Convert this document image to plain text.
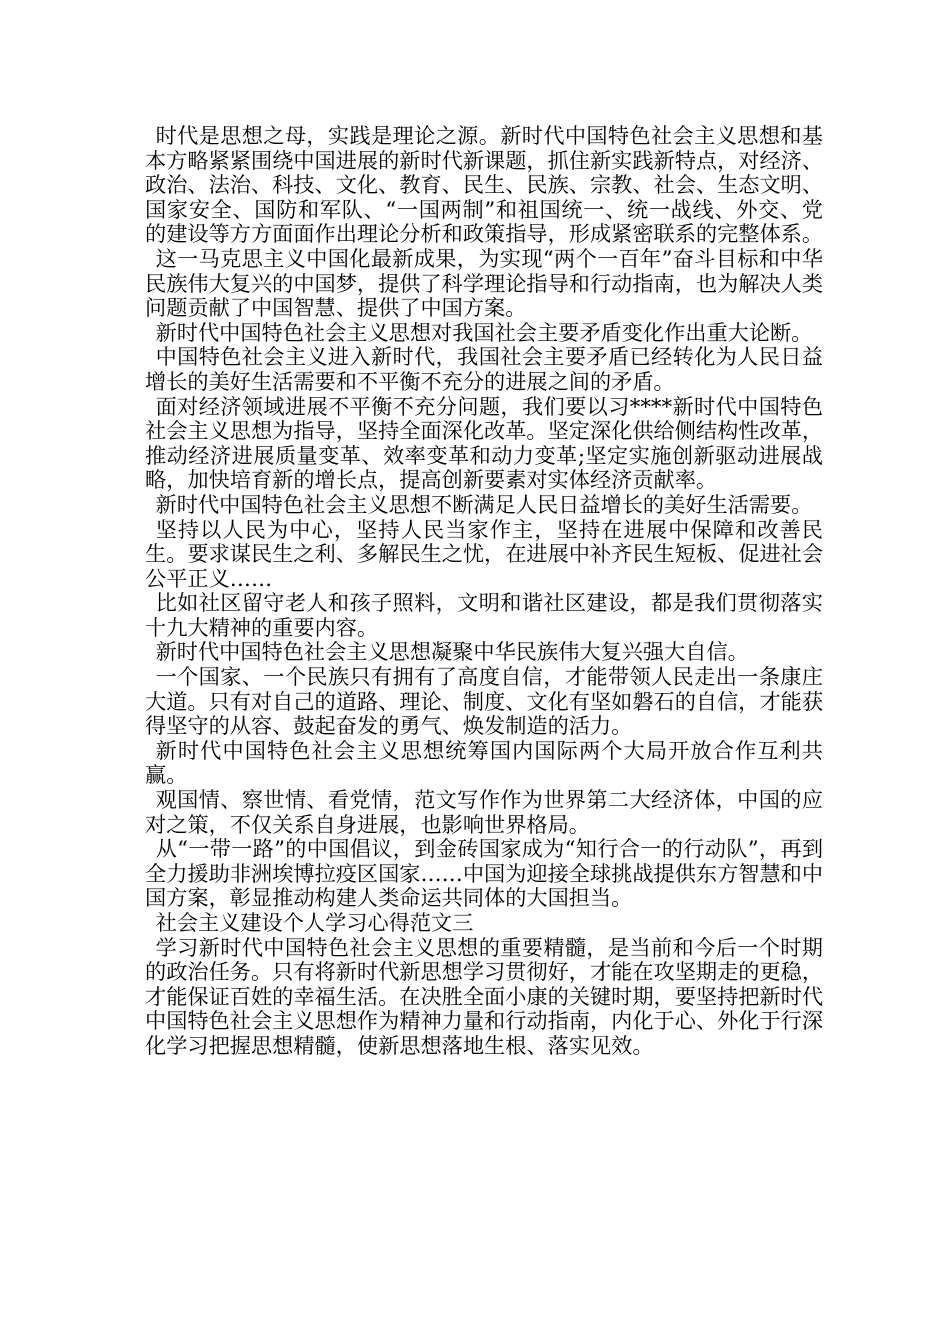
时代是思想之母，实践是理论之源。新时代中国特色社会主义思想和基本方略紧紧围绕中国进展的新时代新课题，抓住新实践新特点，对经济、政治、法治、科技、文化、教育、民生、民族、宗教、社会、生态文明、国家安全、国防和军队、“一国两制”和祖国统一、统一战线、外交、党的建设等方方面面作出理论分析和政策指导，形成紧密联系的完整体系。

这一马克思主义中国化最新成果，为实现“两个一百年”奋斗目标和中华民族伟大复兴的中国梦，提供了科学理论指导和行动指南，也为解决人类问题贡献了中国智慧、提供了中国方案。

新时代中国特色社会主义思想对我国社会主要矛盾变化作出重大论断。

中国特色社会主义进入新时代，我国社会主要矛盾已经转化为人民日益增长的美好生活需要和不平衡不充分的进展之间的矛盾。

面对经济领域进展不平衡不充分问题，我们要以习****新时代中国特色社会主义思想为指导，坚持全面深化改革。坚定深化供给侧结构性改革，推动经济进展质量变革、效率变革和动力变革;坚定实施创新驱动进展战略，加快培育新的增长点，提高创新要素对实体经济贡献率。

新时代中国特色社会主义思想不断满足人民日益增长的美好生活需要。

坚持以人民为中心，坚持人民当家作主，坚持在进展中保障和改善民生。要求谋民生之利、多解民生之忧，在进展中补齐民生短板、促进社会公平正义……

比如社区留守老人和孩子照料，文明和谐社区建设，都是我们贯彻落实十九大精神的重要内容。

新时代中国特色社会主义思想凝聚中华民族伟大复兴强大自信。

一个国家、一个民族只有拥有了高度自信，才能带领人民走出一条康庄大道。只有对自己的道路、理论、制度、文化有坚如磐石的自信，才能获得坚守的从容、鼓起奋发的勇气、焕发制造的活力。

新时代中国特色社会主义思想统筹国内国际两个大局开放合作互利共赢。

观国情、察世情、看党情，范文写作作为世界第二大经济体，中国的应对之策，不仅关系自身进展，也影响世界格局。

从“一带一路”的中国倡议，到金砖国家成为“知行合一的行动队”，再到全力援助非洲埃博拉疫区国家……中国为迎接全球挑战提供东方智慧和中国方案，彰显推动构建人类命运共同体的大国担当。

社会主义建设个人学习心得范文三

学习新时代中国特色社会主义思想的重要精髓，是当前和今后一个时期的政治任务。只有将新时代新思想学习贯彻好，才能在攻坚期走的更稳，才能保证百姓的幸福生活。在决胜全面小康的关键时期，要坚持把新时代中国特色社会主义思想作为精神力量和行动指南，内化于心、外化于行深化学习把握思想精髓，使新思想落地生根、落实见效。
